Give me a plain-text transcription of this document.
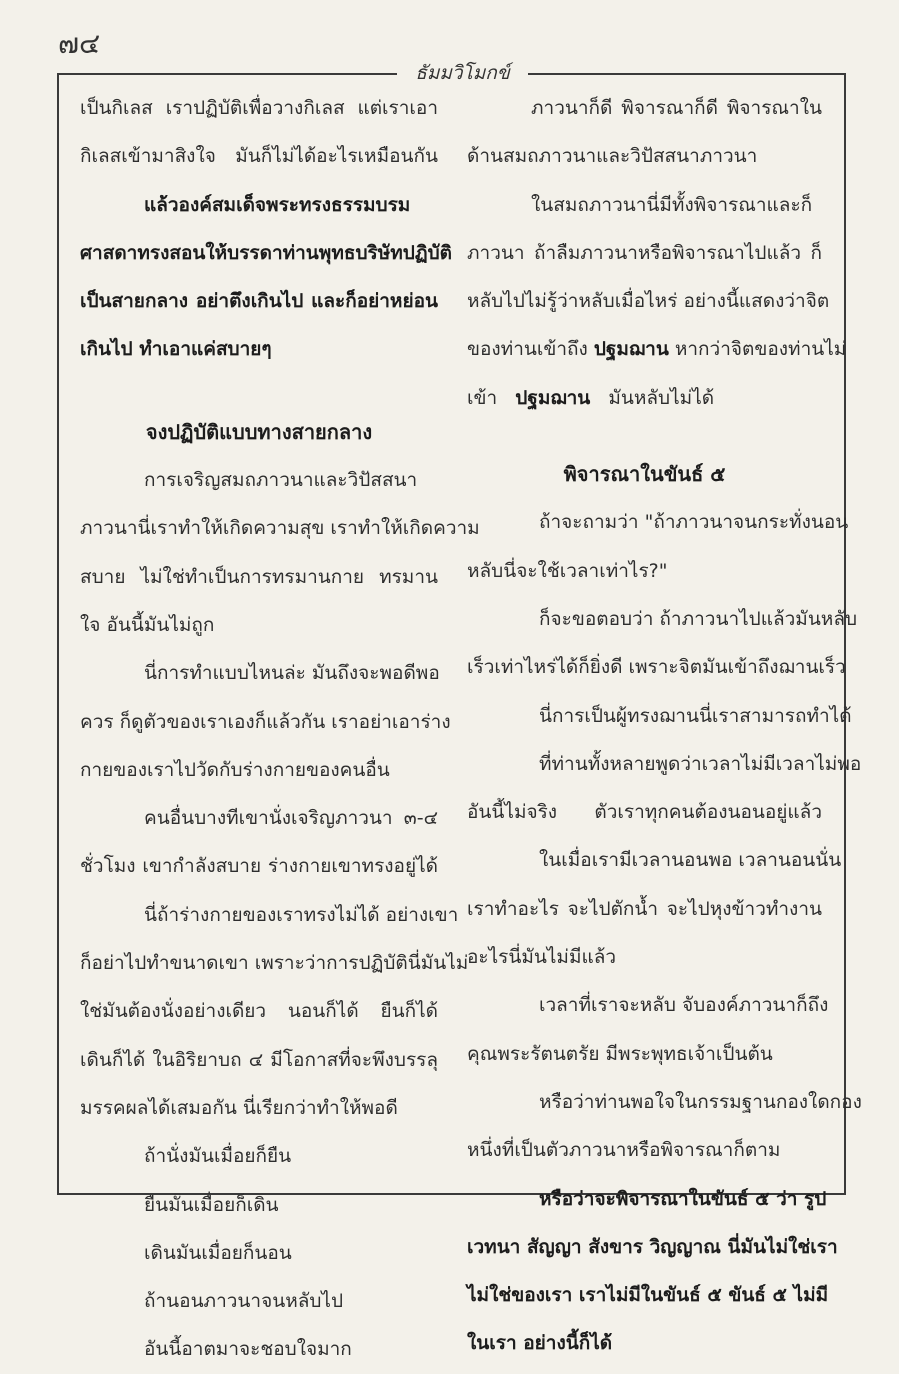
๗๔
ธัมมวิโมกข์
เป็นกิเลส เราปฏิบัติเพื่อวางกิเลส แต่เราเอา
กิเลสเข้ามาสิงใจ มันก็ไม่ได้อะไรเหมือนกัน
แล้วองค์สมเด็จพระทรงธรรมบรม
ศาสดาทรงสอนให้บรรดาท่านพุทธบริษัทปฏิบัติ
เป็นสายกลาง อย่าตึงเกินไป และก็อย่าหย่อน
เกินไป ทำเอาแค่สบายๆ
จงปฏิบัติแบบทางสายกลาง
การเจริญสมถภาวนาและวิปัสสนา
ภาวนานี่เราทำให้เกิดความสุข เราทำให้เกิดความ
สบาย ไม่ใช่ทำเป็นการทรมานกาย ทรมาน
ใจ อันนี้มันไม่ถูก
นี่การทำแบบไหนล่ะ มันถึงจะพอดีพอ
ควร ก็ดูตัวของเราเองก็แล้วกัน เราอย่าเอาร่าง
กายของเราไปวัดกับร่างกายของคนอื่น
คนอื่นบางทีเขานั่งเจริญภาวนา ๓-๔
ชั่วโมง เขากำลังสบาย ร่างกายเขาทรงอยู่ได้
นี่ถ้าร่างกายของเราทรงไม่ได้ อย่างเขา
ก็อย่าไปทำขนาดเขา เพราะว่าการปฏิบัตินี่มันไม่
ใช่มันต้องนั่งอย่างเดียว นอนก็ได้ ยืนก็ได้
เดินก็ได้ ในอิริยาบถ ๔ มีโอกาสที่จะพึงบรรลุ
มรรคผลได้เสมอกัน นี่เรียกว่าทำให้พอดี
ถ้านั่งมันเมื่อยก็ยืน
ยืนมันเมื่อยก็เดิน
เดินมันเมื่อยก็นอน
ถ้านอนภาวนาจนหลับไป
อันนี้อาตมาจะชอบใจมาก
ภาวนาก็ดี พิจารณาก็ดี พิจารณาใน
ด้านสมถภาวนาและวิปัสสนาภาวนา
ในสมถภาวนานี่มีทั้งพิจารณาและก็
ภาวนา ถ้าลืมภาวนาหรือพิจารณาไปแล้ว ก็
หลับไปไม่รู้ว่าหลับเมื่อไหร่ อย่างนี้แสดงว่าจิต
ของท่านเข้าถึง ปฐมฌาน หากว่าจิตของท่านไม่
เข้า ปฐมฌาน มันหลับไม่ได้
พิจารณาในขันธ์ ๕
ถ้าจะถามว่า "ถ้าภาวนาจนกระทั่งนอน
หลับนี่จะใช้เวลาเท่าไร?"
ก็จะขอตอบว่า ถ้าภาวนาไปแล้วมันหลับ
เร็วเท่าไหร่ได้ก็ยิ่งดี เพราะจิตมันเข้าถึงฌานเร็ว
นี่การเป็นผู้ทรงฌานนี่เราสามารถทำได้
ที่ท่านทั้งหลายพูดว่าเวลาไม่มีเวลาไม่พอ
อันนี้ไม่จริง ตัวเราทุกคนต้องนอนอยู่แล้ว
ในเมื่อเรามีเวลานอนพอ เวลานอนนั่น
เราทำอะไร จะไปตักน้ำ จะไปหุงข้าวทำงาน
อะไรนี่มันไม่มีแล้ว
เวลาที่เราจะหลับ จับองค์ภาวนาก็ถึง
คุณพระรัตนตรัย มีพระพุทธเจ้าเป็นต้น
หรือว่าท่านพอใจในกรรมฐานกองใดกอง
หนึ่งที่เป็นตัวภาวนาหรือพิจารณาก็ตาม
หรือว่าจะพิจารณาในขันธ์ ๕ ว่า รูป
เวทนา สัญญา สังขาร วิญญาณ นี่มันไม่ใช่เรา
ไม่ใช่ของเรา เราไม่มีในขันธ์ ๕ ขันธ์ ๕ ไม่มี
ในเรา อย่างนี้ก็ได้
